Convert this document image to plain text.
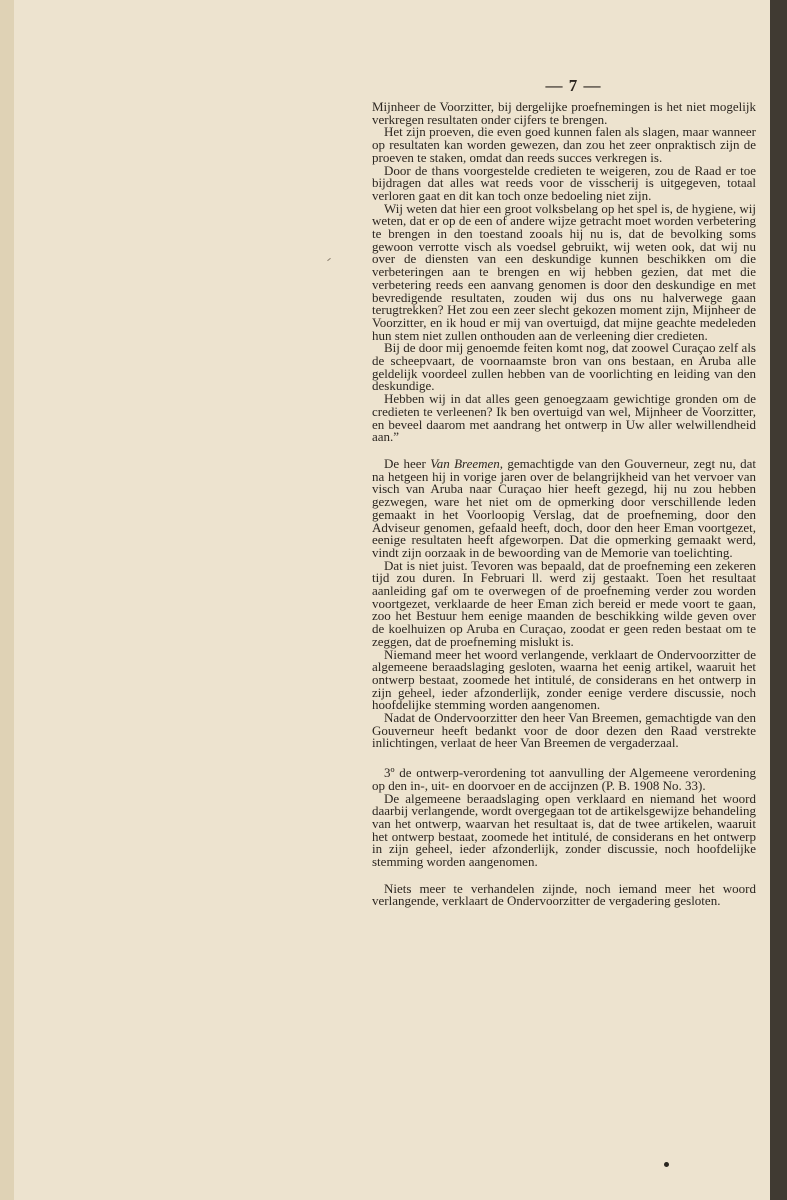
— 7 —

Mijnheer de Voorzitter, bij dergelijke proefnemingen is het niet mogelijk verkregen resultaten onder cijfers te brengen.

Het zijn proeven, die even goed kunnen falen als slagen, maar wanneer op resultaten kan worden gewezen, dan zou het zeer onpraktisch zijn de proeven te staken, omdat dan reeds succes verkregen is.

Door de thans voorgestelde credieten te weigeren, zou de Raad er toe bijdragen dat alles wat reeds voor de visscherij is uitgegeven, totaal verloren gaat en dit kan toch onze bedoeling niet zijn.

Wij weten dat hier een groot volksbelang op het spel is, de hygiene, wij weten, dat er op de een of andere wijze getracht moet worden verbetering te brengen in den toestand zooals hij nu is, dat de bevolking soms gewoon verrotte visch als voedsel gebruikt, wij weten ook, dat wij nu over de diensten van een deskundige kunnen beschikken om die verbeteringen aan te brengen en wij hebben gezien, dat met die verbetering reeds een aanvang genomen is door den deskundige en met bevredigende resultaten, zouden wij dus ons nu halverwege gaan terugtrekken? Het zou een zeer slecht gekozen moment zijn, Mijnheer de Voorzitter, en ik houd er mij van overtuigd, dat mijne geachte medeleden hun stem niet zullen onthouden aan de verleening dier credieten.

Bij de door mij genoemde feiten komt nog, dat zoowel Curaçao zelf als de scheepvaart, de voornaamste bron van ons bestaan, en Aruba alle geldelijk voordeel zullen hebben van de voorlichting en leiding van den deskundige.

Hebben wij in dat alles geen genoegzaam gewichtige gronden om de credieten te verleenen? Ik ben overtuigd van wel, Mijnheer de Voorzitter, en beveel daarom met aandrang het ontwerp in Uw aller welwillendheid aan.”

De heer Van Breemen, gemachtigde van den Gouverneur, zegt nu, dat na hetgeen hij in vorige jaren over de belangrijkheid van het vervoer van visch van Aruba naar Curaçao hier heeft gezegd, hij nu zou hebben gezwegen, ware het niet om de opmerking door verschillende leden gemaakt in het Voorloopig Verslag, dat de proefneming, door den Adviseur genomen, gefaald heeft, doch, door den heer Eman voortgezet, eenige resultaten heeft afgeworpen. Dat die opmerking gemaakt werd, vindt zijn oorzaak in de bewoording van de Memorie van toelichting.

Dat is niet juist. Tevoren was bepaald, dat de proefneming een zekeren tijd zou duren. In Februari ll. werd zij gestaakt. Toen het resultaat aanleiding gaf om te overwegen of de proefneming verder zou worden voortgezet, verklaarde de heer Eman zich bereid er mede voort te gaan, zoo het Bestuur hem eenige maanden de beschikking wilde geven over de koelhuizen op Aruba en Curaçao, zoodat er geen reden bestaat om te zeggen, dat de proefneming mislukt is.

Niemand meer het woord verlangende, verklaart de Ondervoorzitter de algemeene beraadslaging gesloten, waarna het eenig artikel, waaruit het ontwerp bestaat, zoomede het intitulé, de considerans en het ontwerp in zijn geheel, ieder afzonderlijk, zonder eenige verdere discussie, noch hoofdelijke stemming worden aangenomen.

Nadat de Ondervoorzitter den heer Van Breemen, gemachtigde van den Gouverneur heeft bedankt voor de door dezen den Raad verstrekte inlichtingen, verlaat de heer Van Breemen de vergaderzaal.

3º de ontwerp-verordening tot aanvulling der Algemeene verordening op den in-, uit- en doorvoer en de accijnzen (P. B. 1908 No. 33).

De algemeene beraadslaging open verklaard en niemand het woord daarbij verlangende, wordt overgegaan tot de artikelsgewijze behandeling van het ontwerp, waarvan het resultaat is, dat de twee artikelen, waaruit het ontwerp bestaat, zoomede het intitulé, de considerans en het ontwerp in zijn geheel, ieder afzonderlijk, zonder discussie, noch hoofdelijke stemming worden aangenomen.

Niets meer te verhandelen zijnde, noch iemand meer het woord verlangende, verklaart de Ondervoorzitter de vergadering gesloten.
